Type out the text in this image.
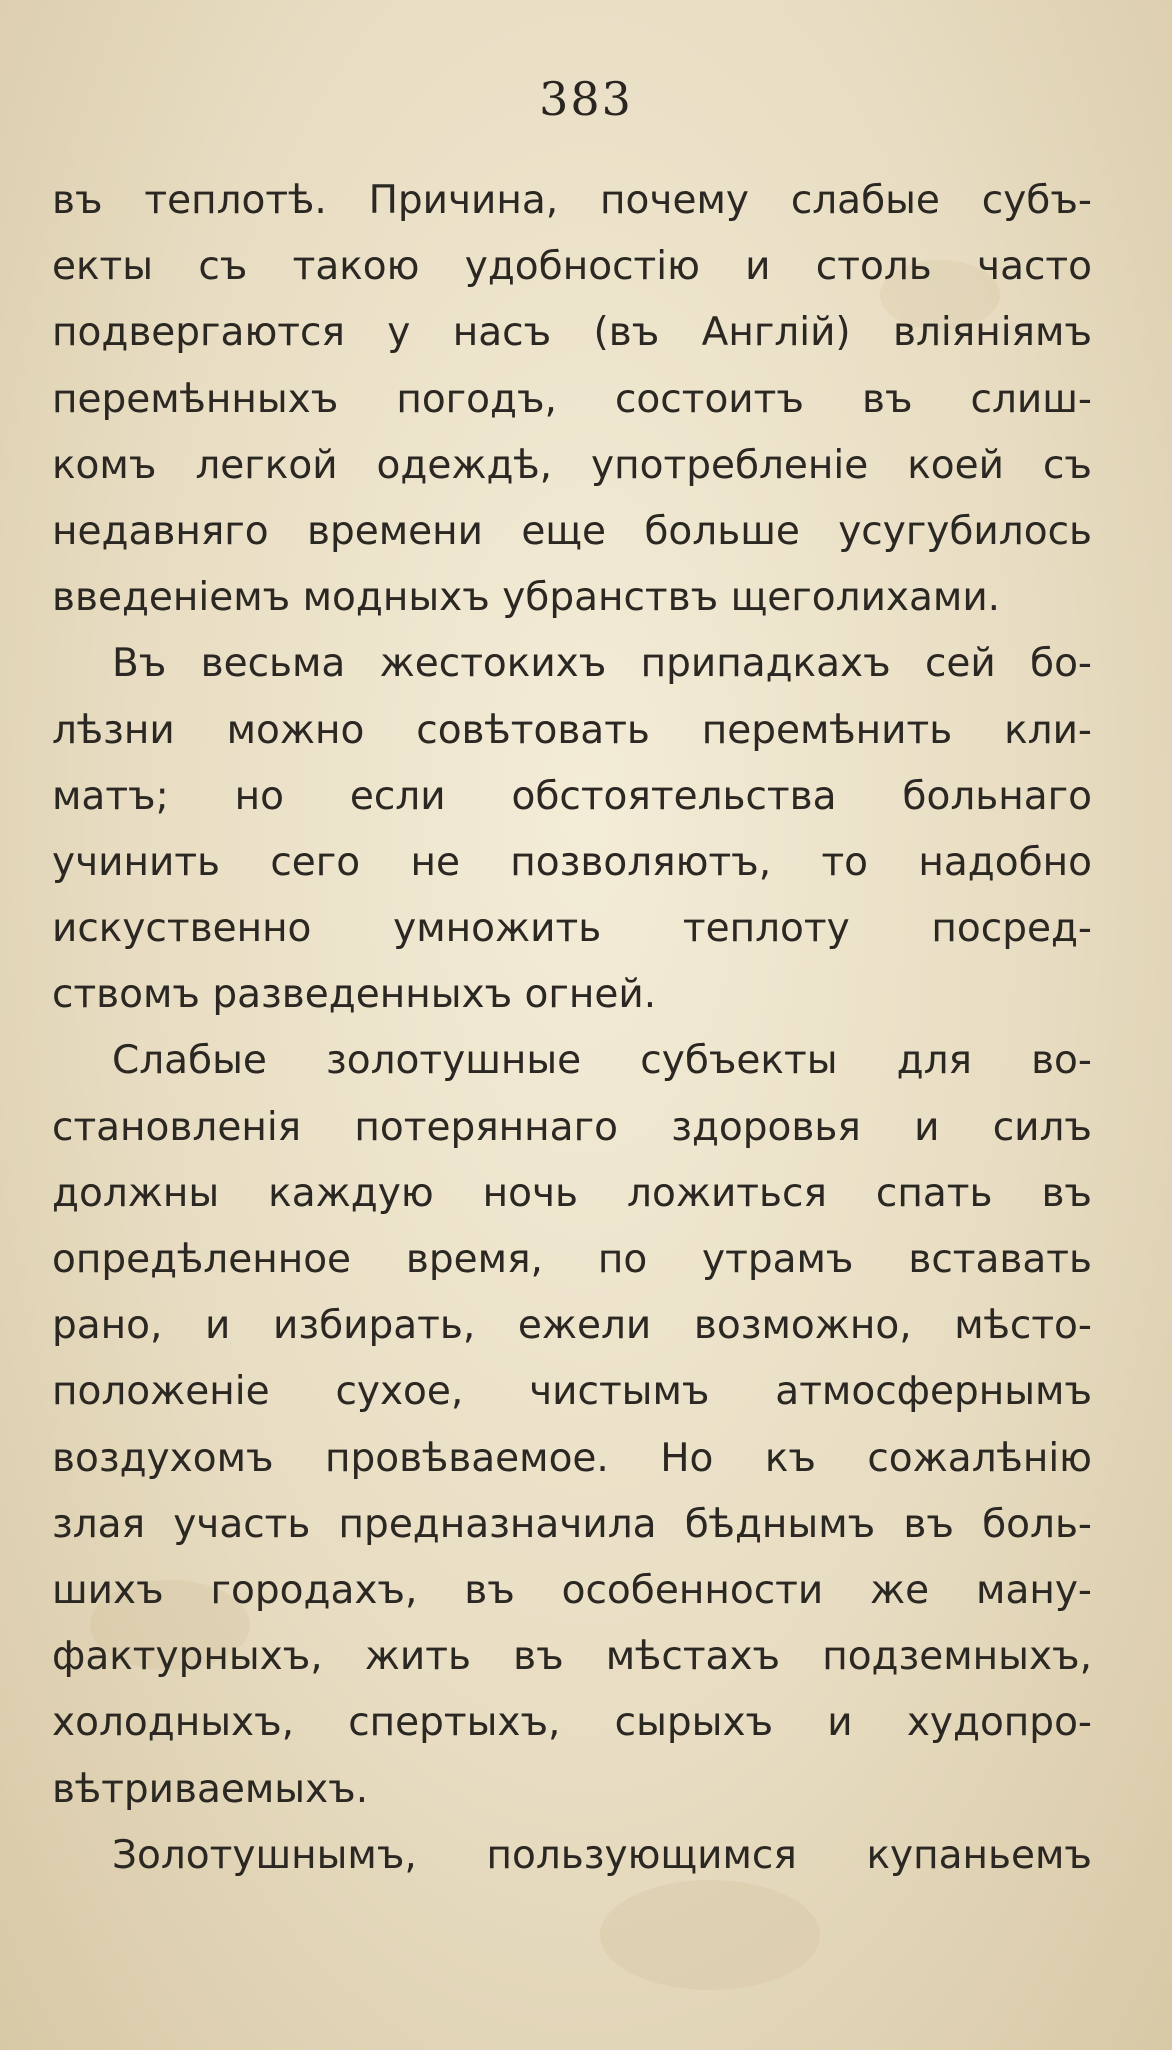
383
въ теплотѣ. Причина, почему слабые субъ-
екты съ такою удобностію и столь часто
подвергаются у насъ (въ Англій) вліяніямъ
перемѣнныхъ погодъ, состоитъ въ слиш-
комъ легкой одеждѣ, употребленіе коей съ
недавняго времени еще больше усугубилось
введеніемъ модныхъ убранствъ щеголихами.
Въ весьма жестокихъ припадкахъ сей бо-
лѣзни можно совѣтовать перемѣнить кли-
матъ; но если обстоятельства больнаго
учинить сего не позволяютъ, то надобно
искуственно умножить теплоту посред-
ствомъ разведенныхъ огней.
Слабые золотушные субъекты для во-
становленія потеряннаго здоровья и силъ
должны каждую ночь ложиться спать въ
опредѣленное время, по утрамъ вставать
рано, и избирать, ежели возможно, мѣсто-
положеніе сухое, чистымъ атмосфернымъ
воздухомъ провѣваемое. Но къ сожалѣнію
злая участь предназначила бѣднымъ въ боль-
шихъ городахъ, въ особенности же ману-
фактурныхъ, жить въ мѣстахъ подземныхъ,
холодныхъ, спертыхъ, сырыхъ и худопро-
вѣтриваемыхъ.
Золотушнымъ, пользующимся купаньемъ
